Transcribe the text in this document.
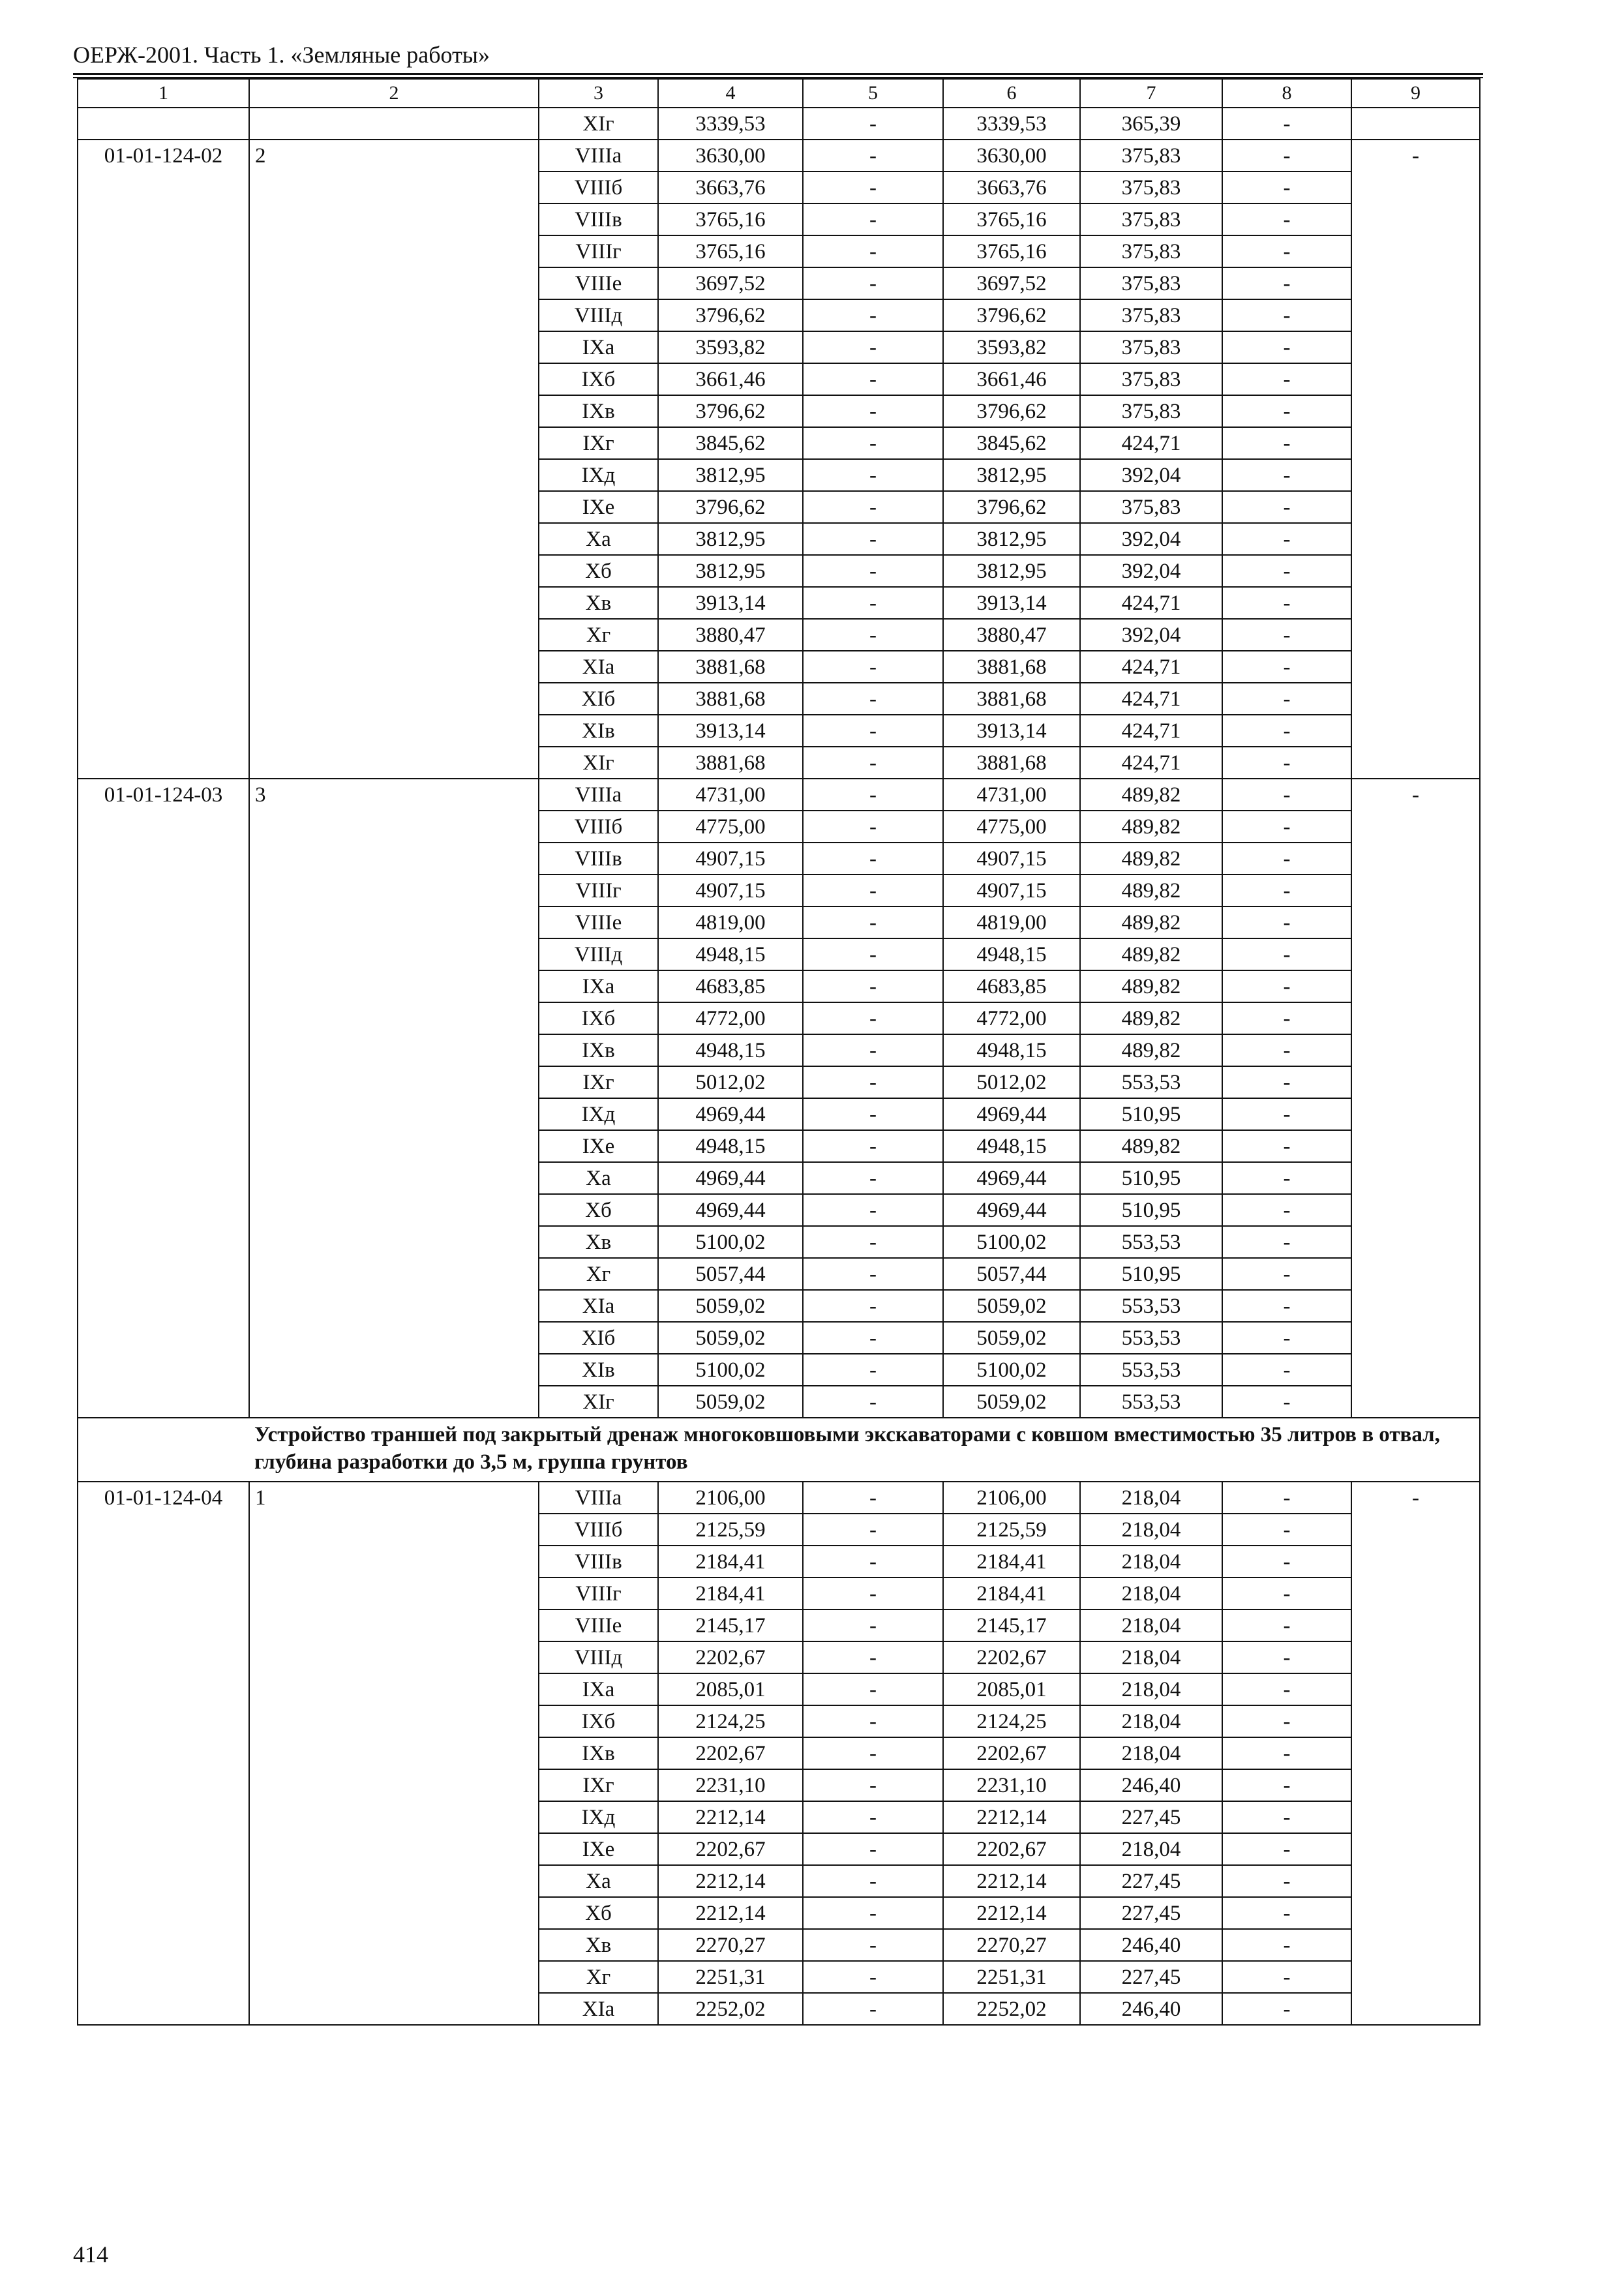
ОЕРЖ-2001. Часть 1. «Земляные работы»
1	2	3	4	5	6	7	8	9
		ХIг	3339,53	-	3339,53	365,39	-	
01-01-124-02	2	VIIIа	3630,00	-	3630,00	375,83	-	-
		VIIIб	3663,76	-	3663,76	375,83	-	
		VIIIв	3765,16	-	3765,16	375,83	-	
		VIIIг	3765,16	-	3765,16	375,83	-	
		VIIIе	3697,52	-	3697,52	375,83	-	
		VIIIд	3796,62	-	3796,62	375,83	-	
		IХа	3593,82	-	3593,82	375,83	-	
		IХб	3661,46	-	3661,46	375,83	-	
		IХв	3796,62	-	3796,62	375,83	-	
		IХг	3845,62	-	3845,62	424,71	-	
		IХд	3812,95	-	3812,95	392,04	-	
		IХе	3796,62	-	3796,62	375,83	-	
		Ха	3812,95	-	3812,95	392,04	-	
		Хб	3812,95	-	3812,95	392,04	-	
		Хв	3913,14	-	3913,14	424,71	-	
		Хг	3880,47	-	3880,47	392,04	-	
		ХIа	3881,68	-	3881,68	424,71	-	
		ХIб	3881,68	-	3881,68	424,71	-	
		ХIв	3913,14	-	3913,14	424,71	-	
		ХIг	3881,68	-	3881,68	424,71	-	
01-01-124-03	3	VIIIа	4731,00	-	4731,00	489,82	-	-
		VIIIб	4775,00	-	4775,00	489,82	-	
		VIIIв	4907,15	-	4907,15	489,82	-	
		VIIIг	4907,15	-	4907,15	489,82	-	
		VIIIе	4819,00	-	4819,00	489,82	-	
		VIIIд	4948,15	-	4948,15	489,82	-	
		IХа	4683,85	-	4683,85	489,82	-	
		IХб	4772,00	-	4772,00	489,82	-	
		IХв	4948,15	-	4948,15	489,82	-	
		IХг	5012,02	-	5012,02	553,53	-	
		IХд	4969,44	-	4969,44	510,95	-	
		IХе	4948,15	-	4948,15	489,82	-	
		Ха	4969,44	-	4969,44	510,95	-	
		Хб	4969,44	-	4969,44	510,95	-	
		Хв	5100,02	-	5100,02	553,53	-	
		Хг	5057,44	-	5057,44	510,95	-	
		ХIа	5059,02	-	5059,02	553,53	-	
		ХIб	5059,02	-	5059,02	553,53	-	
		ХIв	5100,02	-	5100,02	553,53	-	
		ХIг	5059,02	-	5059,02	553,53	-	
	Устройство траншей под закрытый дренаж многоковшовыми экскаваторами с ковшом вместимостью 35 литров в отвал, глубина разработки до 3,5 м, группа грунтов							
01-01-124-04	1	VIIIа	2106,00	-	2106,00	218,04	-	-
		VIIIб	2125,59	-	2125,59	218,04	-	
		VIIIв	2184,41	-	2184,41	218,04	-	
		VIIIг	2184,41	-	2184,41	218,04	-	
		VIIIе	2145,17	-	2145,17	218,04	-	
		VIIIд	2202,67	-	2202,67	218,04	-	
		IХа	2085,01	-	2085,01	218,04	-	
		IХб	2124,25	-	2124,25	218,04	-	
		IХв	2202,67	-	2202,67	218,04	-	
		IХг	2231,10	-	2231,10	246,40	-	
		IХд	2212,14	-	2212,14	227,45	-	
		IХе	2202,67	-	2202,67	218,04	-	
		Ха	2212,14	-	2212,14	227,45	-	
		Хб	2212,14	-	2212,14	227,45	-	
		Хв	2270,27	-	2270,27	246,40	-	
		Хг	2251,31	-	2251,31	227,45	-	
		ХIа	2252,02	-	2252,02	246,40	-	
414
